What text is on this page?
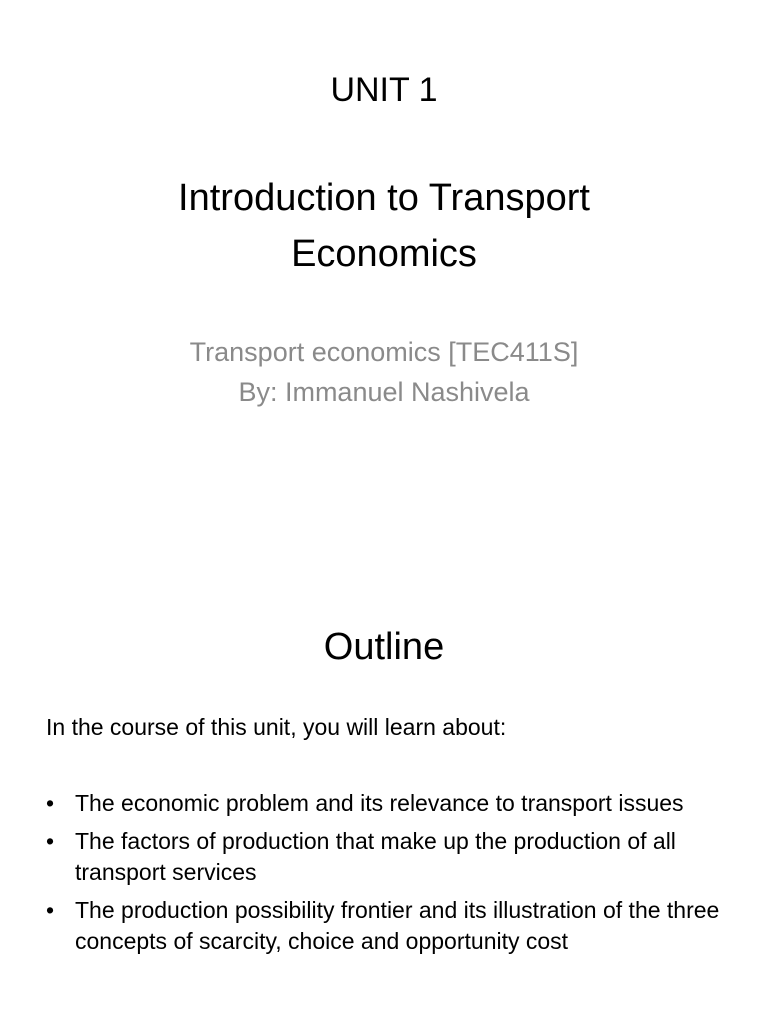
UNIT 1
Introduction to Transport Economics
Transport economics [TEC411S]
By: Immanuel Nashivela
Outline
In the course of this unit, you will learn about:
• The economic problem and its relevance to transport issues
• The factors of production that make up the production of all transport services
• The production possibility frontier and its illustration of the three concepts of scarcity, choice and opportunity cost
